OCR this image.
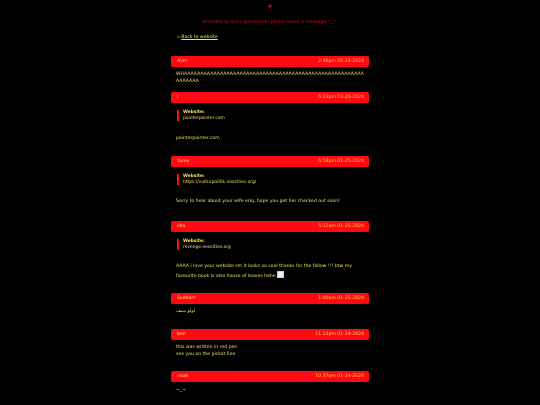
✦
welcome to lisa's guestbook! please leave a message ^_^
« Back to website
Alan	2:46pm 05-24-2024
WHAAAAAAAAAAAAAAAAAAAAAAAAAAAAAAAAAAAAAAAAAAAAAAAAAAAAAAAAAAAAAA
I	6:23pm 03-20-2024
Website:
pointerpointer.com
pointerpointer.com
Yunie	6:58pm 01-25-2024
Website:
https://vulturpolitik.neocities.org/
Sorry to hear about your wife eriq, hope you get her checked out soon!
ella	5:12am 01-25-2024
Website:
revenge.neocities.org
AAAA i love your website sm it looks so cool thanks for the follow !!! btw my
favourite book is also house of leaves hehe
Saddam	1:00am 01-25-2024
لولو سيف
ben	11:13pm 01-24-2024
this was written in red pen
see you on the picket line
noah	10:37pm 01-24-2024
~_~
